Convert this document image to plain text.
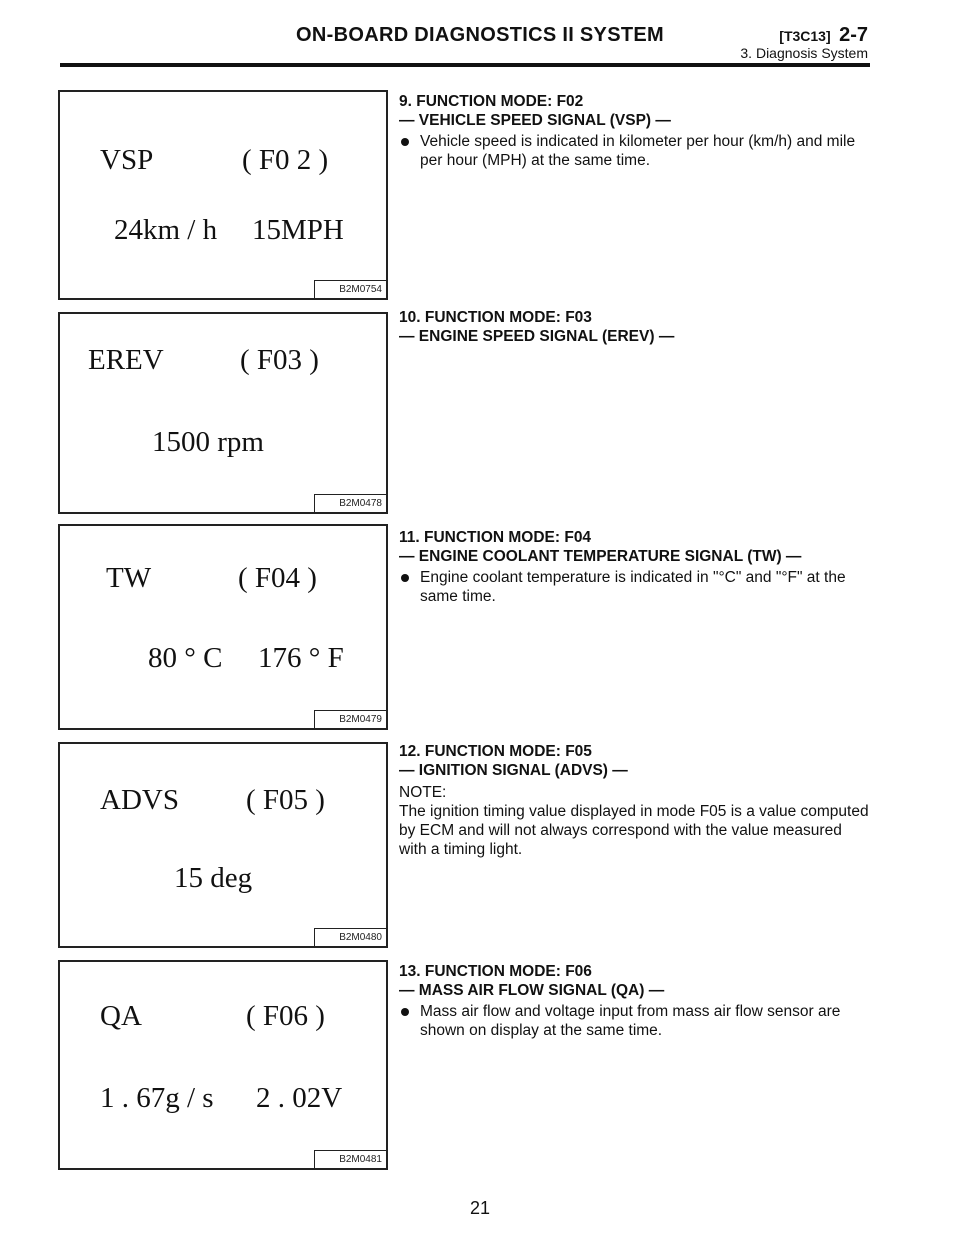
ON-BOARD DIAGNOSTICS II SYSTEM	[T3C13] 2-7
3. Diagnosis System
VSP	( F0 2 )
24km / h 15MPH
B2M0754
EREV	( F03 )
1500 rpm
B2M0478
TW	( F04 )
80 ° C 176 ° F
B2M0479
ADVS ( F05 )
15 deg
B2M0480
QA	( F06 )
1 . 67g / s 2 . 02V
B2M0481
9. FUNCTION MODE: F02
— VEHICLE SPEED SIGNAL (VSP) —
Vehicle speed is indicated in kilometer per hour (km/h) and mile per hour (MPH) at the same time.
10. FUNCTION MODE: F03
— ENGINE SPEED SIGNAL (EREV) —
11. FUNCTION MODE: F04
— ENGINE COOLANT TEMPERATURE SIGNAL (TW) —
Engine coolant temperature is indicated in "°C" and "°F" at the same time.
12. FUNCTION MODE: F05
— IGNITION SIGNAL (ADVS) —
NOTE:
The ignition timing value displayed in mode F05 is a value computed by ECM and will not always correspond with the value measured with a timing light.
13. FUNCTION MODE: F06
— MASS AIR FLOW SIGNAL (QA) —
Mass air flow and voltage input from mass air flow sensor are shown on display at the same time.
21
